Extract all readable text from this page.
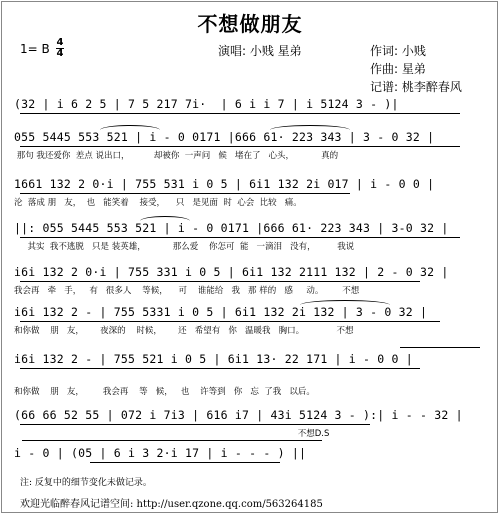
不想做朋友
1= B 4
4	演唱: 小贱 星弟	作词: 小贱
作曲: 星弟
记谱: 桃李醉春风
(32 | i 6 2 5 | 7 5 217 7i·  | 6 i i 7 | i 5124 3 - )|
055 5445 553 521 | i - 0 0171 |666 61· 223 343 | 3 - 0 32 |
那句 我还爱你  差点 说出口，         却被你  一声问   候   堵在了   心头，          真的
1661 132 2 0·i | 755 531 i 0 5 | 6i1 132 2i 017 | i - 0 0 |
沦  落成 朋   友，  也   能笑着    接受，    只   是见面  时  心会  比较   痛。
||: 055 5445 553 521 | i - 0 0171 |666 61· 223 343 | 3-0 32 |
其实  我不逃脱   只是 装英雄，          那么爱    你怎可  能   一滴泪   没有，        我说
i6i 132 2 0·i | 755 331 i 0 5 | 6i1 132 2111 132 | 2 - 0 32 |
我会再   牵   手，   有   很多人    等候，    可    谁能给   我   那 样的   感     动。       不想
i6i 132 2 - | 755 5331 i 0 5 | 6i1 132 2i 132 | 3 - 0 32 |
和你做    朋   友，      夜深的    时候，      还   希望有   你   温暖我   胸口。            不想
i6i 132 2 - | 755 521 i 0 5 | 6i1 13· 22 171 | i - 0 0 |
和你做    朋   友，       我会再    等   候，   也    许等到   你   忘  了我   以后。
(66 66 52 55 | 072 i 7i3 | 616 i7 | 43i 5124 3 - ):| i - - 32 |
不想D.S
i - 0 | (05 | 6 i 3 2·i 17 | i - - - ) ||
注: 反复中的细节变化未做记录。
欢迎光临醉春风记谱空间: http://user.qzone.qq.com/563264185
